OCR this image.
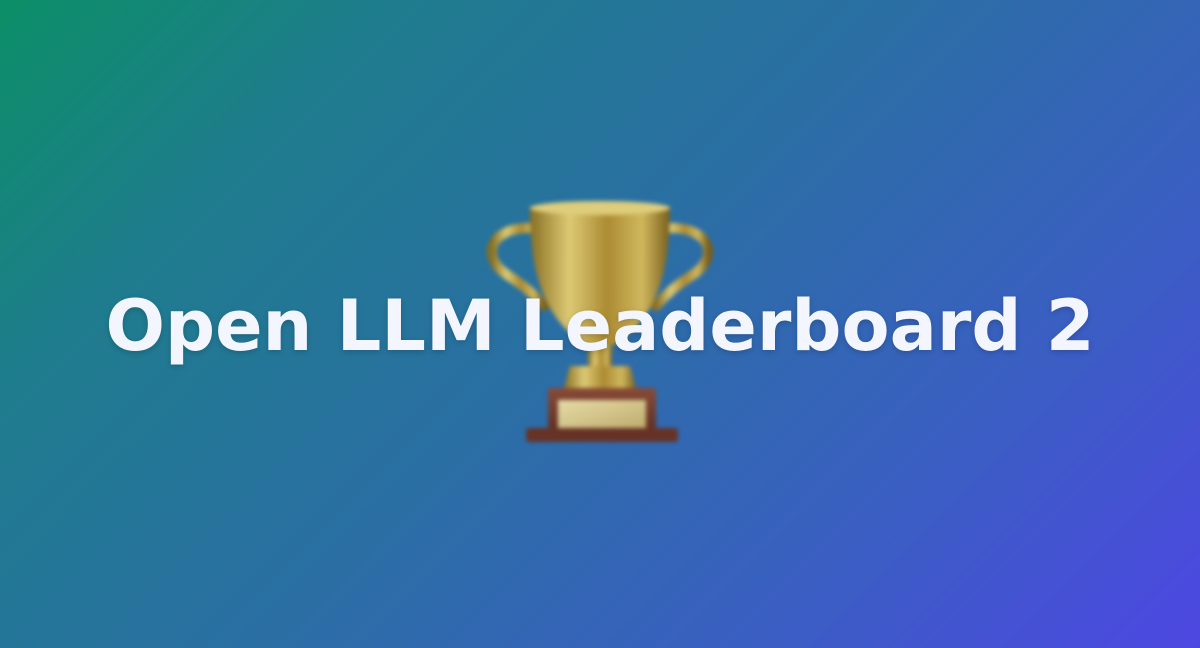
Open LLM Leaderboard 2
